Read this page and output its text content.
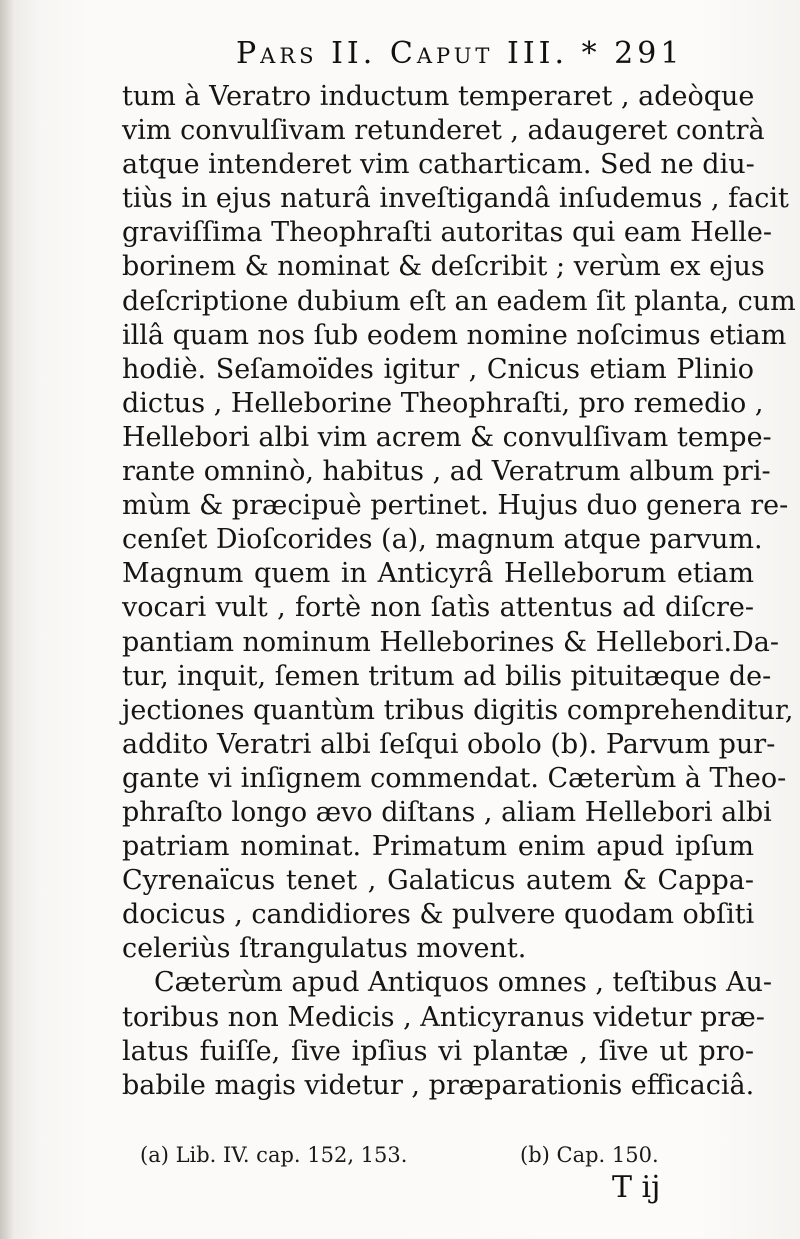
Pars II. Caput III. * 291
tum à Veratro inductum temperaret , adeòque
vim convulſivam retunderet , adaugeret contrà
atque intenderet vim catharticam. Sed ne diu-
tiùs in ejus naturâ inveſtigandâ inſudemus , facit
graviſſima Theophraſti autoritas qui eam Helle-
borinem & nominat & deſcribit ; verùm ex ejus
deſcriptione dubium eſt an eadem ſit planta, cum
illâ quam nos ſub eodem nomine noſcimus etiam
hodiè. Seſamoïdes igitur , Cnicus etiam Plinio
dictus , Helleborine Theophraſti, pro remedio ,
Hellebori albi vim acrem & convulſivam tempe-
rante omninò, habitus , ad Veratrum album pri-
mùm & præcipuè pertinet. Hujus duo genera re-
cenſet Dioſcorides (a), magnum atque parvum.
Magnum quem in Anticyrâ Helleborum etiam
vocari vult , fortè non ſatìs attentus ad diſcre-
pantiam nominum Helleborines & Hellebori.Da-
tur, inquit, ſemen tritum ad bilis pituitæque de-
jectiones quantùm tribus digitis comprehenditur,
addito Veratri albi ſeſqui obolo (b). Parvum pur-
gante vi inſignem commendat. Cæterùm à Theo-
phraſto longo ævo diſtans , aliam Hellebori albi
patriam nominat. Primatum enim apud ipſum
Cyrenaïcus tenet , Galaticus autem & Cappa-
docicus , candidiores & pulvere quodam obſiti
celeriùs ſtrangulatus movent.
Cæterùm apud Antiquos omnes , teſtibus Au-
toribus non Medicis , Anticyranus videtur præ-
latus fuiſſe, ſive ipſius vi plantæ , ſive ut pro-
babile magis videtur , præparationis efficaciâ.
(a) Lib. IV. cap. 152, 153.	(b) Cap. 150.
T ij
